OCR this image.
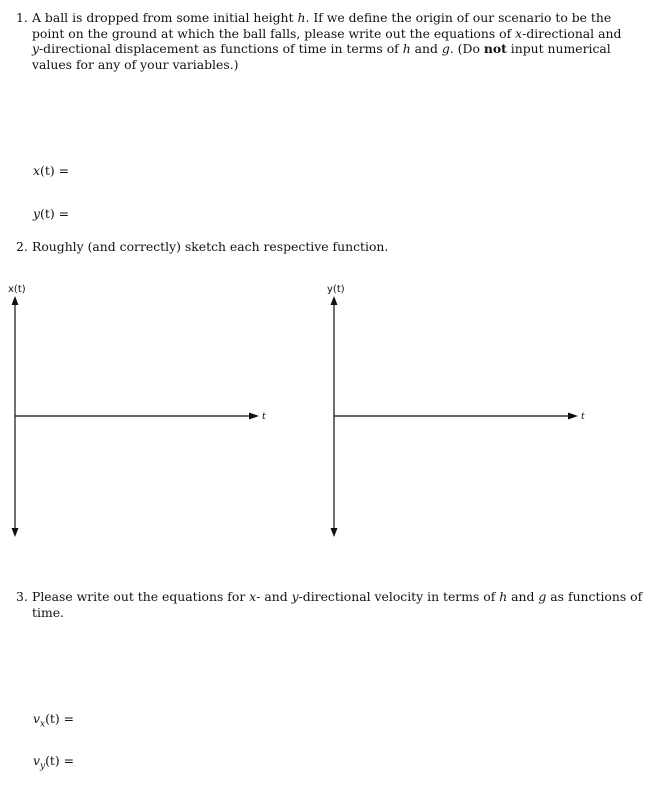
1. A ball is dropped from some initial height h. If we define the origin of our scenario to be the point on the ground at which the ball falls, please write out the equations of x-directional and y-directional displacement as functions of time in terms of h and g. (Do not input numerical values for any of your variables.)
x(t) =
y(t) =
2. Roughly (and correctly) sketch each respective function.
x(t)
t
y(t)
t
3. Please write out the equations for x- and y-directional velocity in terms of h and g as functions of time.
$v_x(t)$ =
$v_y(t)$ =
